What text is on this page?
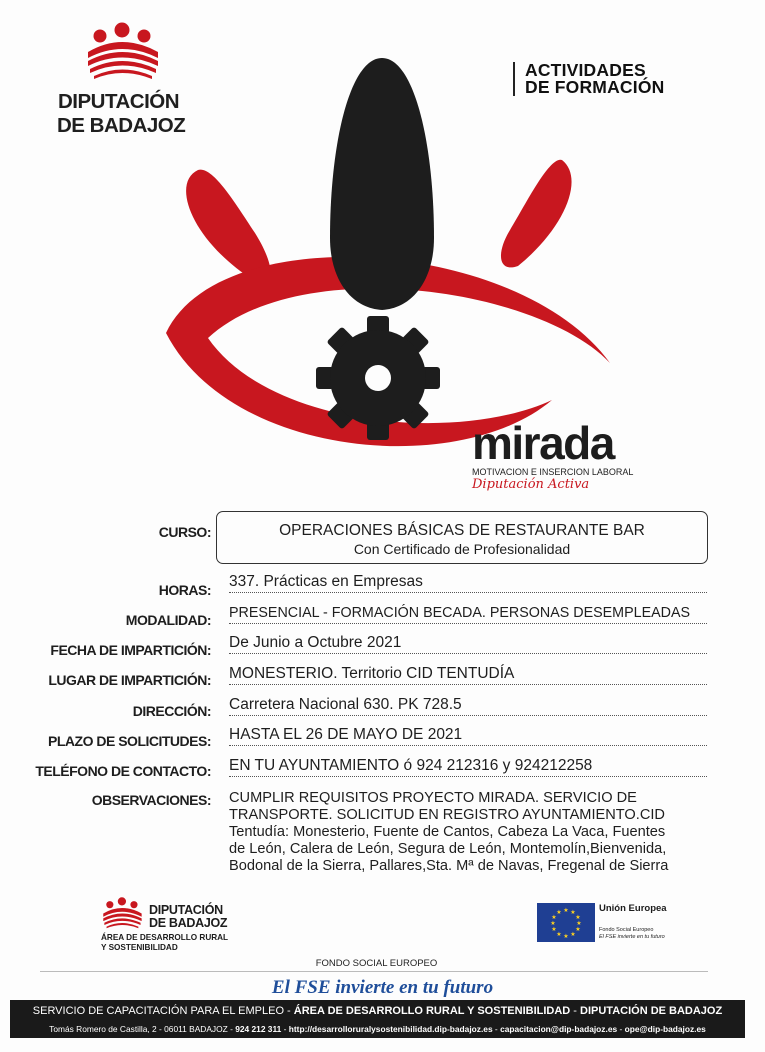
DIPUTACIÓN
DE BADAJOZ
ACTIVIDADES
DE FORMACIÓN
mirada
MOTIVACION E INSERCION LABORAL
Diputación Activa
CURSO:	OPERACIONES BÁSICAS DE RESTAURANTE BAR
Con Certificado de Profesionalidad
HORAS: 337. Prácticas en Empresas
MODALIDAD: PRESENCIAL - FORMACIÓN BECADA. PERSONAS DESEMPLEADAS
FECHA DE IMPARTICIÓN: De Junio a Octubre 2021
LUGAR DE IMPARTICIÓN: MONESTERIO. Territorio CID TENTUDÍA
DIRECCIÓN: Carretera Nacional 630. PK 728.5
PLAZO DE SOLICITUDES: HASTA EL 26 DE MAYO DE 2021
TELÉFONO DE CONTACTO: EN TU AYUNTAMIENTO ó 924 212316 y 924212258
OBSERVACIONES: CUMPLIR REQUISITOS PROYECTO MIRADA. SERVICIO DE
TRANSPORTE. SOLICITUD EN REGISTRO AYUNTAMIENTO.CID
Tentudía: Monesterio, Fuente de Cantos, Cabeza La Vaca, Fuentes
de León, Calera de León, Segura de León, Montemolín,Bienvenida,
Bodonal de la Sierra, Pallares,Sta. Mª de Navas, Fregenal de Sierra
DIPUTACIÓN
DE BADAJOZ
ÁREA DE DESARROLLO RURAL
Y SOSTENIBILIDAD
★ ★
★
★
★
★
★
★
★
★
★
★	Unión Europea
Fondo Social Europeo
El FSE invierte en tu futuro
FONDO SOCIAL EUROPEO
El FSE invierte en tu futuro
SERVICIO DE CAPACITACIÓN PARA EL EMPLEO - ÁREA DE DESARROLLO RURAL Y SOSTENIBILIDAD - DIPUTACIÓN DE BADAJOZ
Tomás Romero de Castilla, 2 - 06011 BADAJOZ - 924 212 311 - http://desarrolloruralysostenibilidad.dip-badajoz.es - capacitacion@dip-badajoz.es - ope@dip-badajoz.es
